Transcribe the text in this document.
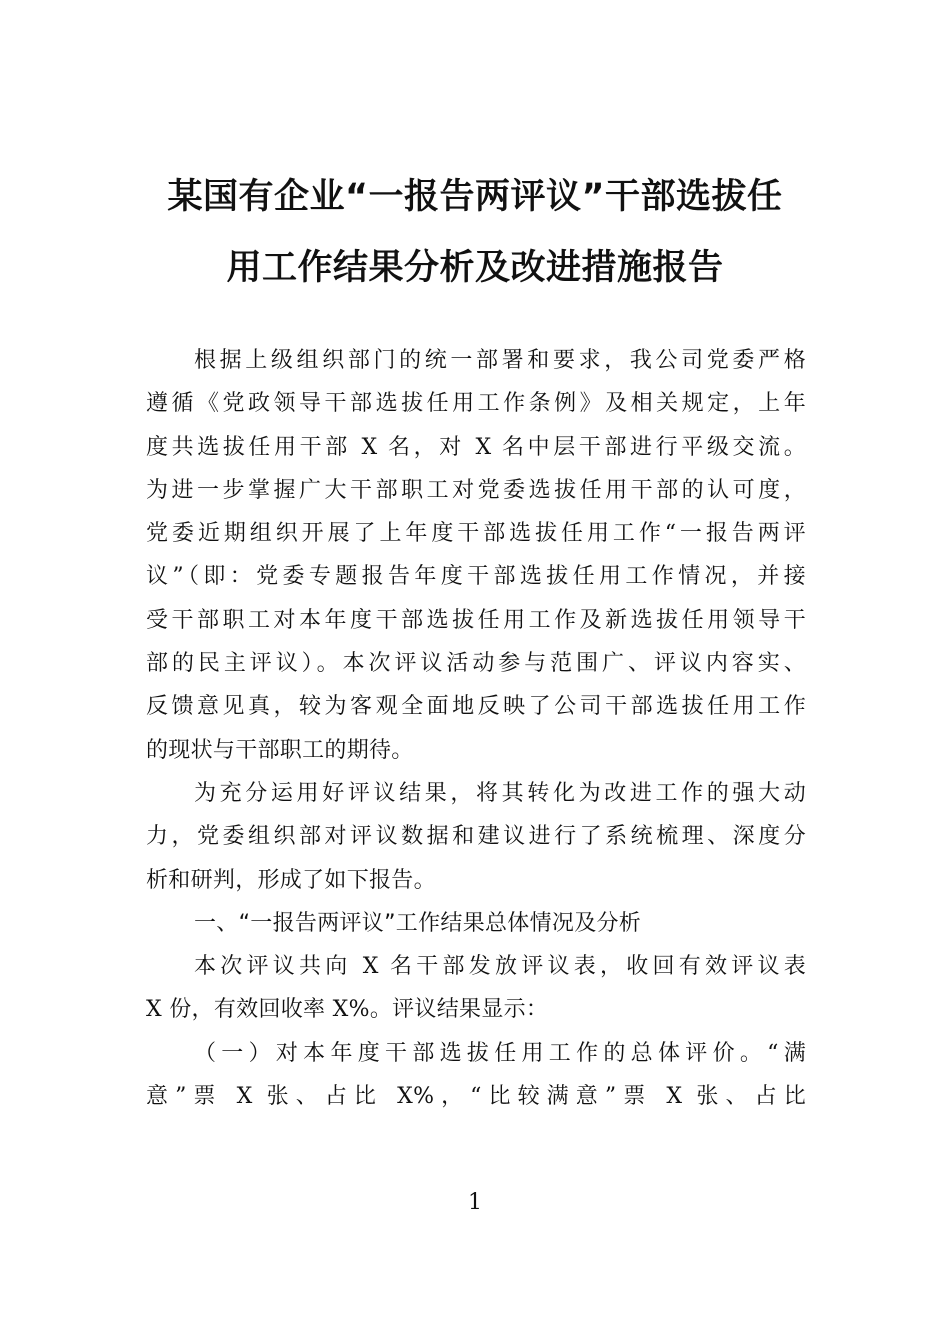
某国有企业“一报告两评议”干部选拔任
用工作结果分析及改进措施报告
根据上级组织部门的统一部署和要求，我公司党委严格
遵循《党政领导干部选拔任用工作条例》及相关规定，上年
度共选拔任用干部 X 名，对 X 名中层干部进行平级交流。
为进一步掌握广大干部职工对党委选拔任用干部的认可度，
党委近期组织开展了上年度干部选拔任用工作“一报告两评
议”（即：党委专题报告年度干部选拔任用工作情况，并接
受干部职工对本年度干部选拔任用工作及新选拔任用领导干
部的民主评议）。本次评议活动参与范围广、评议内容实、
反馈意见真，较为客观全面地反映了公司干部选拔任用工作
的现状与干部职工的期待。
为充分运用好评议结果，将其转化为改进工作的强大动
力，党委组织部对评议数据和建议进行了系统梳理、深度分
析和研判，形成了如下报告。
一、“一报告两评议”工作结果总体情况及分析
本次评议共向 X 名干部发放评议表，收回有效评议表
X 份，有效回收率 X%。评议结果显示：
（一）对本年度干部选拔任用工作的总体评价。“满
意”票 X 张、占比 X%，“比较满意”票 X 张、占比
1
